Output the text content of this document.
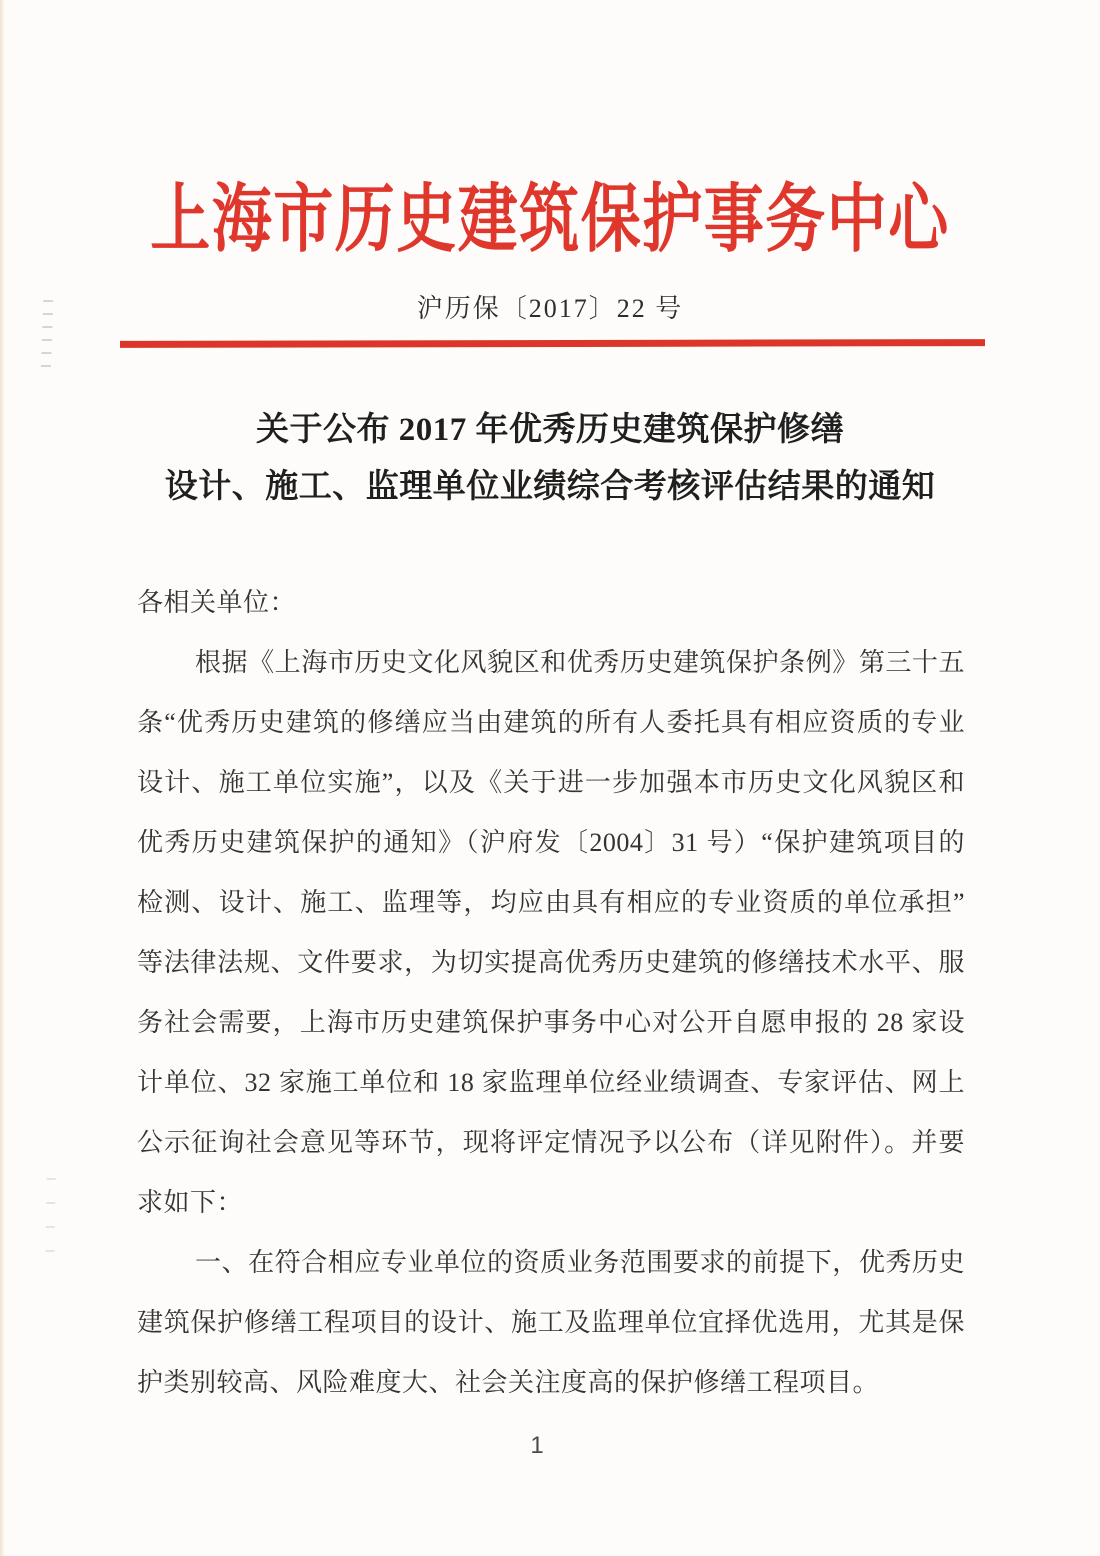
上海市历史建筑保护事务中心
沪历保〔2017〕22 号
关于公布 2017 年优秀历史建筑保护修缮
设计、施工、监理单位业绩综合考核评估结果的通知
各相关单位：
根据《上海市历史文化风貌区和优秀历史建筑保护条例》第三十五
条“优秀历史建筑的修缮应当由建筑的所有人委托具有相应资质的专业
设计、施工单位实施”，以及《关于进一步加强本市历史文化风貌区和
优秀历史建筑保护的通知》（沪府发〔2004〕31 号）“保护建筑项目的
检测、设计、施工、监理等，均应由具有相应的专业资质的单位承担”
等法律法规、文件要求，为切实提高优秀历史建筑的修缮技术水平、服
务社会需要，上海市历史建筑保护事务中心对公开自愿申报的 28 家设
计单位、32 家施工单位和 18 家监理单位经业绩调查、专家评估、网上
公示征询社会意见等环节，现将评定情况予以公布（详见附件）。并要
求如下：
一、在符合相应专业单位的资质业务范围要求的前提下，优秀历史
建筑保护修缮工程项目的设计、施工及监理单位宜择优选用，尤其是保
护类别较高、风险难度大、社会关注度高的保护修缮工程项目。
1
